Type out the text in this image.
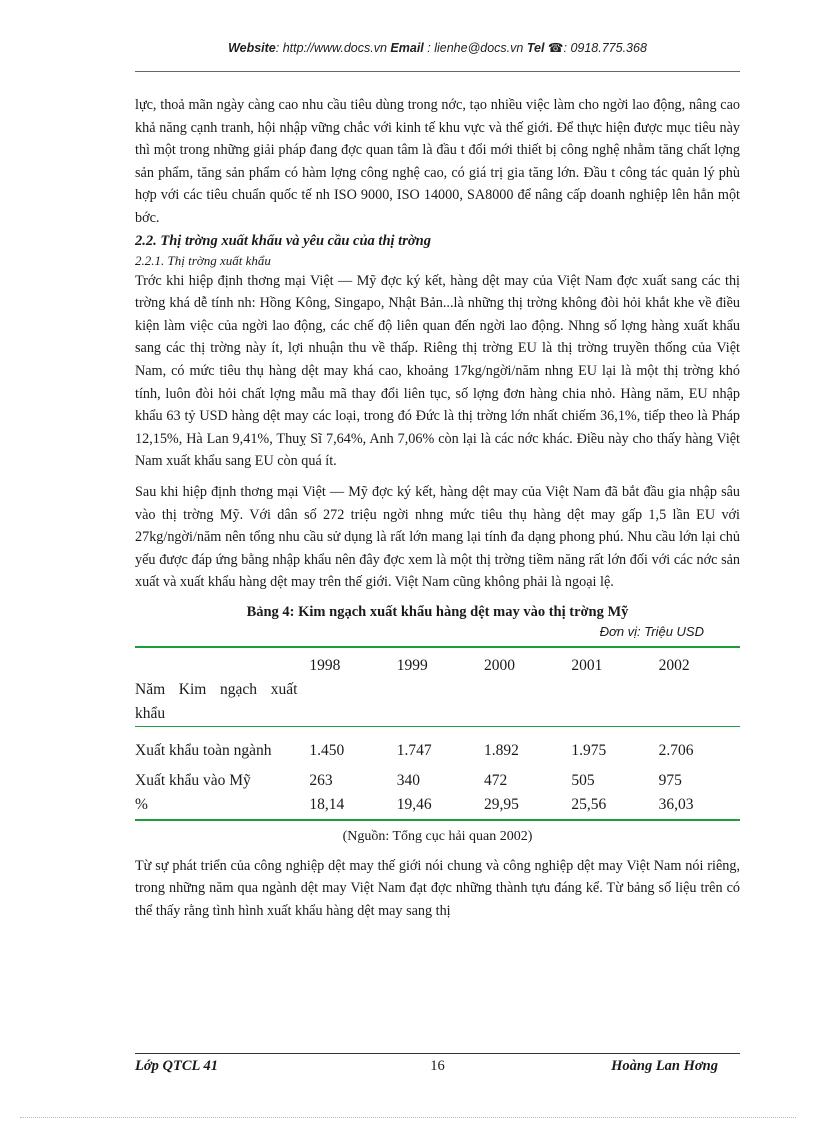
Website: http://www.docs.vn Email : lienhe@docs.vn Tel ☎: 0918.775.368

lực, thoả mãn ngày càng cao nhu cầu tiêu dùng trong nớc, tạo nhiều việc làm cho ngời lao động, nâng cao khả năng cạnh tranh, hội nhập vững chắc với kinh tế khu vực và thế giới. Để thực hiện được mục tiêu này thì một trong những giải pháp đang đợc quan tâm là đầu t đổi mới thiết bị công nghệ nhằm tăng chất lợng sản phẩm, tăng sản phẩm có hàm lợng công nghệ cao, có giá trị gia tăng lớn. Đầu t công tác quản lý phù hợp với các tiêu chuẩn quốc tế nh ISO 9000, ISO 14000, SA8000 để nâng cấp doanh nghiệp lên hẳn một bớc.

2.2. Thị trờng xuất khẩu và yêu cầu của thị trờng
2.2.1. Thị trờng xuất khẩu

Trớc khi hiệp định thơng mại Việt — Mỹ đợc ký kết, hàng dệt may của Việt Nam đợc xuất sang các thị trờng khá dễ tính nh: Hồng Kông, Singapo, Nhật Bản...là những thị trờng không đòi hỏi khắt khe về điều kiện làm việc của ngời lao động, các chế độ liên quan đến ngời lao động. Nhng số lợng hàng xuất khẩu sang các thị trờng này ít, lợi nhuận thu về thấp. Riêng thị trờng EU là thị trờng truyền thống của Việt Nam, có mức tiêu thụ hàng dệt may khá cao, khoảng 17kg/ngời/năm nhng EU lại là một thị trờng khó tính, luôn đòi hỏi chất lợng mẫu mã thay đổi liên tục, số lợng đơn hàng chia nhỏ. Hàng năm, EU nhập khẩu 63 tỷ USD hàng dệt may các loại, trong đó Đức là thị trờng lớn nhất chiếm 36,1%, tiếp theo là Pháp 12,15%, Hà Lan 9,41%, Thuỵ Sĩ 7,64%, Anh 7,06% còn lại là các nớc khác. Điều này cho thấy hàng Việt Nam xuất khẩu sang EU còn quá ít.

Sau khi hiệp định thơng mại Việt — Mỹ đợc ký kết, hàng dệt may của Việt Nam đã bắt đầu gia nhập sâu vào thị trờng Mỹ. Với dân số 272 triệu ngời nhng mức tiêu thụ hàng dệt may gấp 1,5 lần EU với 27kg/ngời/năm nên tổng nhu cầu sử dụng là rất lớn mang lại tính đa dạng phong phú. Nhu cầu lớn lại chủ yếu được đáp ứng bằng nhập khẩu nên đây đợc xem là một thị trờng tiềm năng rất lớn đối với các nớc sản xuất và xuất khẩu hàng dệt may trên thế giới. Việt Nam cũng không phải là ngoại lệ.

Bảng 4: Kim ngạch xuất khẩu hàng dệt may vào thị trờng Mỹ
Đơn vị: Triệu USD
Năm Kim ngạch xuất khẩu	1998	1999	2000	2001	2002
Xuất khẩu toàn ngành	1.450	1.747	1.892	1.975	2.706
Xuất khẩu vào Mỹ	263	340	472	505	975
%	18,14	19,46	29,95	25,56	36,03
(Nguồn: Tổng cục hải quan 2002)

Từ sự phát triển của công nghiệp dệt may thế giới nói chung và công nghiệp dệt may Việt Nam nói riêng, trong những năm qua ngành dệt may Việt Nam đạt đợc những thành tựu đáng kể. Từ bảng số liệu trên có thể thấy rằng tình hình xuất khẩu hàng dệt may sang thị

16
Lớp QTCL 41	Hoàng Lan Hơng
